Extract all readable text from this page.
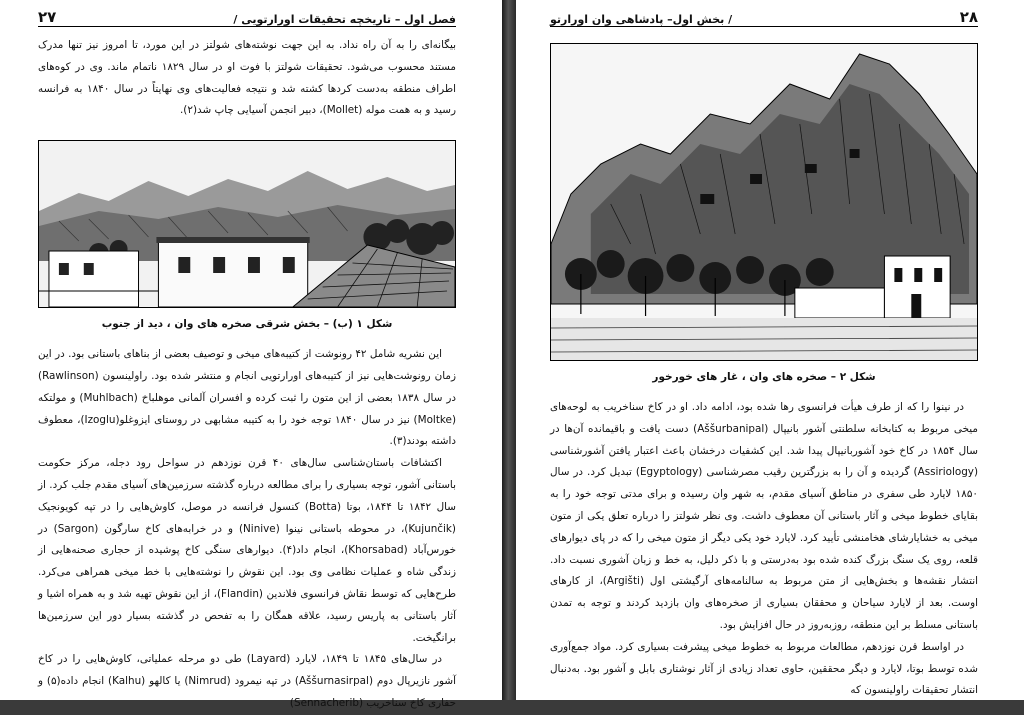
فصل اول – تاریخچه تحقیقات اورارتویی /
۲۷

بیگانه‌ای را به آن راه نداد. به این جهت نوشته‌های شولتز در این مورد، تا امروز نیز تنها مدرک مستند محسوب می‌شود. تحقیقات شولتز با فوت او در سال ۱۸۲۹ ناتمام ماند. وی در کوه‌های اطراف منطقه به‌دست کردها کشته شد و نتیجه فعالیت‌های وی نهایتاً در سال ۱۸۴۰ به فرانسه رسید و به همت موله (Mollet)، دبیر انجمن آسیایی چاپ شد(۲).

شکل ۱ (ب) – بخش شرقی صخره های وان ، دید از جنوب

این نشریه شامل ۴۲ رونوشت از کتیبه‌های میخی و توصیف بعضی از بناهای باستانی بود. در این زمان رونوشت‌هایی نیز از کتیبه‌های اورارتویی انجام و منتشر شده بود. راولینسون (Rawlinson) در سال ۱۸۳۸ بعضی از این متون را ثبت کرده و افسران آلمانی موهلباخ (Muhlbach) و مولتکه (Moltke) نیز در سال ۱۸۴۰ توجه خود را به کتیبه مشابهی در روستای ایزوغلو(Izoglu)، معطوف داشته بودند(۳).

اکتشافات باستان‌شناسی سال‌های ۴۰ قرن نوزدهم در سواحل رود دجله، مرکز حکومت باستانی آشور، توجه بسیاری را برای مطالعه درباره گذشته سرزمین‌های آسیای مقدم جلب کرد. از سال ۱۸۴۲ تا ۱۸۴۴، بوتا (Botta) کنسول فرانسه در موصل، کاوش‌هایی را در تپه کویونجیک (Kujunčik)، در محوطه باستانی نینوا (Ninive) و در خرابه‌های کاخ سارگون (Sargon) در خورس‌آباد (Khorsabad)، انجام داد(۴). دیوارهای سنگی کاخ پوشیده از حجاری صحنه‌هایی از زندگی شاه و عملیات نظامی وی بود. این نقوش را نوشته‌هایی با خط میخی همراهی می‌کرد. طرح‌هایی که توسط نقاش فرانسوی فلاندین (Flandin)، از این نقوش تهیه شد و به همراه اشیا و آثار باستانی به پاریس رسید، علاقه همگان را به تفحص در گذشته بسیار دور این سرزمین‌ها برانگیخت.

در سال‌های ۱۸۴۵ تا ۱۸۴۹، لایارد (Layard) طی دو مرحله عملیاتی، کاوش‌هایی را در کاخ آشور نازیرپال دوم (Aššurnasirpal) در تپه نیمرود (Nimrud) یا کالهو (Kalhu) انجام داده(۵) و حفاری کاخ سناخریب (Sennacherib)

۲۸
/ بخش اول– پادشاهی وان اورارتو
شکل ۲ – صخره های وان ، غار های خورخور

در نینوا را که از طرف هیأت فرانسوی رها شده بود، ادامه داد. او در کاخ سناخریب به لوحه‌های میخی مربوط به کتابخانه سلطنتی آشور بانیپال (Aššurbanipal) دست یافت و باقیمانده آن‌ها در سال ۱۸۵۴ در کاخ خود آشوربانیپال پیدا شد. این کشفیات درخشان باعث اعتبار یافتن آشورشناسی (Assiriology) گردیده و آن را به بزرگترین رقیب مصرشناسی (Egyptology) تبدیل کرد. در سال ۱۸۵۰ لایارد طی سفری در مناطق آسیای مقدم، به شهر وان رسیده و برای مدتی توجه خود را به بقایای خطوط میخی و آثار باستانی آن معطوف داشت. وی نظر شولتز را درباره تعلق یکی از متون میخی به خشایارشای هخامنشی تأیید کرد. لایارد خود یکی دیگر از متون میخی را که در پای دیوارهای قلعه، روی یک سنگ بزرگ کنده شده بود به‌درستی و با ذکر دلیل، به خط و زبان آشوری نسبت داد. انتشار نقشه‌ها و بخش‌هایی از متن مربوط به سالنامه‌های آرگیشتی اول (Argišti)، از کارهای اوست. بعد از لایارد سیاحان و محققان بسیاری از صخره‌های وان بازدید کردند و توجه به تمدن باستانی مسلط بر این منطقه، روزبه‌روز در حال افزایش بود.

در اواسط قرن نوزدهم، مطالعات مربوط به خطوط میخی پیشرفت بسیاری کرد. مواد جمع‌آوری شده توسط بوتا، لایارد و دیگر محققین، حاوی تعداد زیادی از آثار نوشتاری بابل و آشور بود. به‌دنبال انتشار تحقیقات راولینسون که
